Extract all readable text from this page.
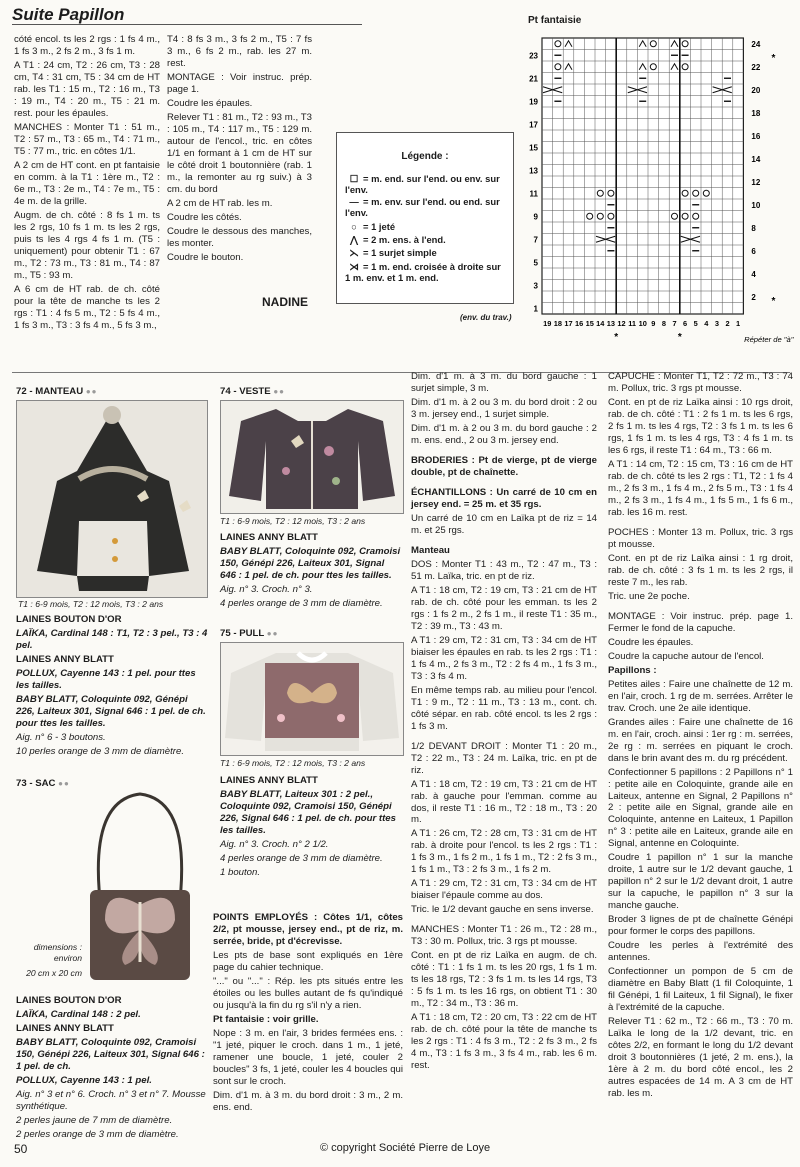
Suite Papillon

cóté encol. ts les 2 rgs : 1 fs 4 m., 1 fs 3 m., 2 fs 2 m., 3 fs 1 m.

A T1 : 24 cm, T2 : 26 cm, T3 : 28 cm, T4 : 31 cm, T5 : 34 cm de HT rab. les T1 : 15 m., T2 : 16 m., T3 : 19 m., T4 : 20 m., T5 : 21 m. rest. pour les épaules.

MANCHES : Monter T1 : 51 m., T2 : 57 m., T3 : 65 m., T4 : 71 m., T5 : 77 m., tric. en côtes 1/1.

A 2 cm de HT cont. en pt fantaisie en comm. à la T1 : 1ère m., T2 : 6e m., T3 : 2e m., T4 : 7e m., T5 : 4e m. de la grille.

Augm. de ch. côté : 8 fs 1 m. ts les 2 rgs, 10 fs 1 m. ts les 2 rgs, puis ts les 4 rgs 4 fs 1 m. (T5 : uniquement) pour obtenir T1 : 67 m., T2 : 73 m., T3 : 81 m., T4 : 87 m., T5 : 93 m.

A 6 cm de HT rab. de ch. côté pour la tête de manche ts les 2 rgs : T1 : 4 fs 5 m., T2 : 5 fs 4 m., 1 fs 3 m., T3 : 3 fs 4 m., 5 fs 3 m.,

T4 : 8 fs 3 m., 3 fs 2 m., T5 : 7 fs 3 m., 6 fs 2 m., rab. les 27 m. rest.

MONTAGE : Voir instruc. prép. page 1.

Coudre les épaules.

Relever T1 : 81 m., T2 : 93 m., T3 : 105 m., T4 : 117 m., T5 : 129 m. autour de l'encol., tric. en côtes 1/1 en formant à 1 cm de HT sur le côté droit 1 boutonnière (rab. 1 m., la remonter au rg suiv.) à 3 cm. du bord

A 2 cm de HT rab. les m.

Coudre les côtés.

Coudre le dessous des manches, les monter.

Coudre le bouton.

NADINE
Légende :
☐ = m. end. sur l'end. ou env. sur l'env.
— = m. env. sur l'end. ou end. sur l'env.
○ = 1 jeté
⋀ = 2 m. ens. à l'end.
⋋ = 1 surjet simple
⋊ = 1 m. end. croisée à droite sur 1 m. env. et 1 m. end.
(env. du trav.)
Pt fantaisie
23
21
19
17
15
13
11
9
7
5
3
1
24
22
20
18
16
14
12
10
8
6
4
2
19 18 17 16 15 14 13 12 11 10 9 8 7 6 5 4 3 2 1
*	*
*
*
Répéter de "à"
72 - MANTEAU ●●
T1 : 6-9 mois, T2 : 12 mois, T3 : 2 ans

LAINES BOUTON D'OR

LAÏKA, Cardinal 148 : T1, T2 : 3 pel., T3 : 4 pel.

LAINES ANNY BLATT

POLLUX, Cayenne 143 : 1 pel. pour ttes les tailles.

BABY BLATT, Coloquinte 092, Génépi 226, Laiteux 301, Signal 646 : 1 pel. de ch. pour ttes les tailles.

Aig. n° 6 - 3 boutons.

10 perles orange de 3 mm de diamètre.

73 - SAC ●●
dimensions : environ
20 cm x 20 cm

LAINES BOUTON D'OR

LAÏKA, Cardinal 148 : 2 pel.

LAINES ANNY BLATT

BABY BLATT, Coloquinte 092, Cramoisi 150, Génépi 226, Laiteux 301, Signal 646 : 1 pel. de ch.

POLLUX, Cayenne 143 : 1 pel.

Aig. n° 3 et n° 6. Croch. n° 3 et n° 7. Mousse synthétique.

2 perles jaune de 7 mm de diamètre.

2 perles orange de 3 mm de diamètre.

74 - VESTE ●●
T1 : 6-9 mois, T2 : 12 mois, T3 : 2 ans

LAINES ANNY BLATT

BABY BLATT, Coloquinte 092, Cramoisi 150, Génépi 226, Laiteux 301, Signal 646 : 1 pel. de ch. pour ttes les tailles.

Aig. n° 3. Croch. n° 3.

4 perles orange de 3 mm de diamètre.

75 - PULL ●●
T1 : 6-9 mois, T2 : 12 mois, T3 : 2 ans

LAINES ANNY BLATT

BABY BLATT, Laiteux 301 : 2 pel., Coloquinte 092, Cramoisi 150, Génépi 226, Signal 646 : 1 pel. de ch. pour ttes les tailles.

Aig. n° 3. Croch. n° 2 1/2.

4 perles orange de 3 mm de diamètre.

1 bouton.

POINTS EMPLOYÉS : Côtes 1/1, côtes 2/2, pt mousse, jersey end., pt de riz, m. serrée, bride, pt d'écrevisse.

Les pts de base sont expliqués en 1ère page du cahier technique.

"..." ou "..." : Rép. les pts situés entre les étoiles ou les bulles autant de fs qu'indiqué ou jusqu'à la fin du rg s'il n'y a rien.

Pt fantaisie : voir grille.

Nope : 3 m. en l'air, 3 brides fermées ens. : "1 jeté, piquer le croch. dans 1 m., 1 jeté, ramener une boucle, 1 jeté, couler 2 boucles" 3 fs, 1 jeté, couler les 4 boucles qui sont sur le croch.

Dim. d'1 m. à 3 m. du bord droit : 3 m., 2 m. ens. end.

Dim. d'1 m. à 3 m. du bord gauche : 1 surjet simple, 3 m.

Dim. d'1 m. à 2 ou 3 m. du bord droit : 2 ou 3 m. jersey end., 1 surjet simple.

Dim. d'1 m. à 2 ou 3 m. du bord gauche : 2 m. ens. end., 2 ou 3 m. jersey end.

BRODERIES : Pt de vierge, pt de vierge double, pt de chaînette.

ÉCHANTILLONS : Un carré de 10 cm en jersey end. = 25 m. et 35 rgs.

Un carré de 10 cm en Laïka pt de riz = 14 m. et 25 rgs.

Manteau

DOS : Monter T1 : 43 m., T2 : 47 m., T3 : 51 m. Laïka, tric. en pt de riz.

A T1 : 18 cm, T2 : 19 cm, T3 : 21 cm de HT rab. de ch. côté pour les emman. ts les 2 rgs : 1 fs 2 m., 2 fs 1 m., il reste T1 : 35 m., T2 : 39 m., T3 : 43 m.

A T1 : 29 cm, T2 : 31 cm, T3 : 34 cm de HT biaiser les épaules en rab. ts les 2 rgs : T1 : 1 fs 4 m., 2 fs 3 m., T2 : 2 fs 4 m., 1 fs 3 m., T3 : 3 fs 4 m.

En même temps rab. au milieu pour l'encol. T1 : 9 m., T2 : 11 m., T3 : 13 m., cont. ch. côté sépar. en rab. côté encol. ts les 2 rgs : 1 fs 3 m.

1/2 DEVANT DROIT : Monter T1 : 20 m., T2 : 22 m., T3 : 24 m. Laïka, tric. en pt de riz.

A T1 : 18 cm, T2 : 19 cm, T3 : 21 cm de HT rab. à gauche pour l'emman. comme au dos, il reste T1 : 16 m., T2 : 18 m., T3 : 20 m.

A T1 : 26 cm, T2 : 28 cm, T3 : 31 cm de HT rab. à droite pour l'encol. ts les 2 rgs : T1 : 1 fs 3 m., 1 fs 2 m., 1 fs 1 m., T2 : 2 fs 3 m., 1 fs 1 m., T3 : 2 fs 3 m., 1 fs 2 m.

A T1 : 29 cm, T2 : 31 cm, T3 : 34 cm de HT biaiser l'épaule comme au dos.

Tric. le 1/2 devant gauche en sens inverse.

MANCHES : Monter T1 : 26 m., T2 : 28 m., T3 : 30 m. Pollux, tric. 3 rgs pt mousse.

Cont. en pt de riz Laïka en augm. de ch. côté : T1 : 1 fs 1 m. ts les 20 rgs, 1 fs 1 m. ts les 18 rgs, T2 : 3 fs 1 m. ts les 14 rgs, T3 : 5 fs 1 m. ts les 16 rgs, on obtient T1 : 30 m., T2 : 34 m., T3 : 36 m.

A T1 : 18 cm, T2 : 20 cm, T3 : 22 cm de HT rab. de ch. côté pour la tête de manche ts les 2 rgs : T1 : 4 fs 3 m., T2 : 2 fs 3 m., 2 fs 4 m., T3 : 1 fs 3 m., 3 fs 4 m., rab. les 6 m. rest.

CAPUCHE : Monter T1, T2 : 72 m., T3 : 74 m. Pollux, tric. 3 rgs pt mousse.

Cont. en pt de riz Laïka ainsi : 10 rgs droit, rab. de ch. côté : T1 : 2 fs 1 m. ts les 6 rgs, 2 fs 1 m. ts les 4 rgs, T2 : 3 fs 1 m. ts les 6 rgs, 1 fs 1 m. ts les 4 rgs, T3 : 4 fs 1 m. ts les 6 rgs, il reste T1 : 64 m., T3 : 66 m.

A T1 : 14 cm, T2 : 15 cm, T3 : 16 cm de HT rab. de ch. côté ts les 2 rgs : T1, T2 : 1 fs 4 m., 2 fs 3 m., 1 fs 4 m., 2 fs 5 m., T3 : 1 fs 4 m., 2 fs 3 m., 1 fs 4 m., 1 fs 5 m., 1 fs 6 m., rab. les 16 m. rest.

POCHES : Monter 13 m. Pollux, tric. 3 rgs pt mousse.

Cont. en pt de riz Laïka ainsi : 1 rg droit, rab. de ch. côté : 3 fs 1 m. ts les 2 rgs, il reste 7 m., les rab.

Tric. une 2e poche.

MONTAGE : Voir instruc. prép. page 1. Fermer le fond de la capuche.

Coudre les épaules.

Coudre la capuche autour de l'encol.

Papillons :

Petites ailes : Faire une chaînette de 12 m. en l'air, croch. 1 rg de m. serrées. Arrêter le trav. Croch. une 2e aile identique.

Grandes ailes : Faire une chaînette de 16 m. en l'air, croch. ainsi : 1er rg : m. serrées, 2e rg : m. serrées en piquant le croch. dans le brin avant des m. du rg précédent.

Confectionner 5 papillons : 2 Papillons n° 1 : petite aile en Coloquinte, grande aile en Laiteux, antenne en Signal, 2 Papillons n° 2 : petite aile en Signal, grande aile en Coloquinte, antenne en Laiteux, 1 Papillon n° 3 : petite aile en Laiteux, grande aile en Signal, antenne en Coloquinte.

Coudre 1 papillon n° 1 sur la manche droite, 1 autre sur le 1/2 devant gauche, 1 papillon n° 2 sur le 1/2 devant droit, 1 autre sur la capuche, le papillon n° 3 sur la manche gauche.

Broder 3 lignes de pt de chaînette Génépi pour former le corps des papillons.

Coudre les perles à l'extrémité des antennes.

Confectionner un pompon de 5 cm de diamètre en Baby Blatt (1 fil Coloquinte, 1 fil Génépi, 1 fil Laiteux, 1 fil Signal), le fixer à l'extrémité de la capuche.

Relever T1 : 62 m., T2 : 66 m., T3 : 70 m. Laïka le long de la 1/2 devant, tric. en côtes 2/2, en formant le long du 1/2 devant droit 3 boutonnières (1 jeté, 2 m. ens.), la 1ère à 2 m. du bord côté encol., les 2 autres espacées de 14 m. A 3 cm de HT rab. les m.

50	© copyright Société Pierre de Loye
